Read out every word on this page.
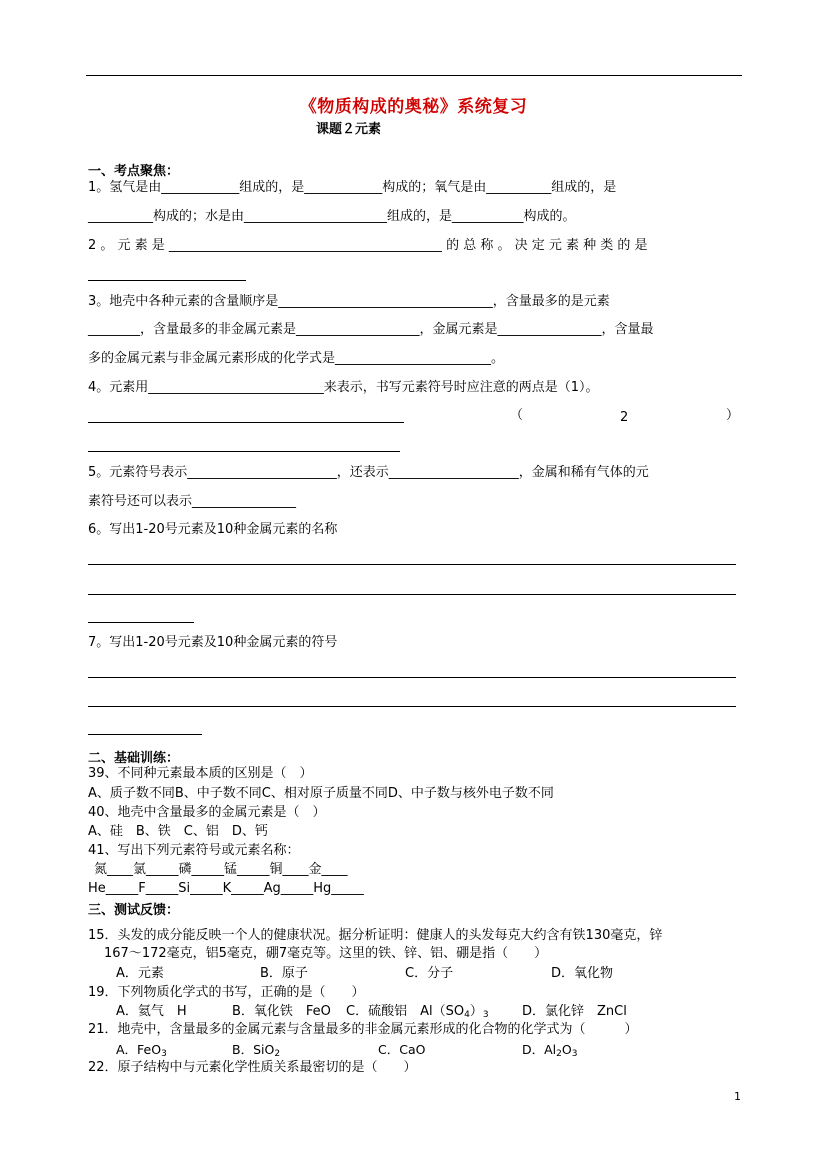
《物质构成的奥秘》系统复习
课题２元素
一、考点聚焦：
1。氢气是由____________组成的，是____________构成的；氧气是由__________组成的，是
__________构成的；水是由______________________组成的，是___________构成的。
2 。 元 素 是 __________________________________________ 的 总 称 。 决 定 元 素 种 类 的 是
3。地壳中各种元素的含量顺序是_________________________________，含量最多的是元素
________，含量最多的非金属元素是___________________，金属元素是________________，含量最
多的金属元素与非金属元素形成的化学式是________________________。
4。元素用___________________________来表示，书写元素符号时应注意的两点是（1）。
（	2	）
5。元素符号表示_______________________，还表示____________________，金属和稀有气体的元
素符号还可以表示________________
6。写出1-20号元素及10种金属元素的名称
7。写出1-20号元素及10种金属元素的符号
二、基础训练：
39、不同种元素最本质的区别是（　）
A、质子数不同B、中子数不同C、相对原子质量不同D、中子数与核外电子数不同
40、地壳中含量最多的金属元素是（　）
A、硅　B、铁　C、铝　D、钙
41、写出下列元素符号或元素名称：
氮____氯_____磷_____锰_____铜____金____
He_____F_____Si_____K_____Ag_____Hg_____
三、测试反馈：
15．头发的成分能反映一个人的健康状况。据分析证明：健康人的头发每克大约含有铁130毫克，锌
167～172毫克，铝5毫克，硼7毫克等。这里的铁、锌、铝、硼是指（　　）
A．元素	B．原子	C．分子	D．氧化物
19．下列物质化学式的书写，正确的是（　　）
A．氦气　H	B．氧化铁　FeO C．硫酸铝　$Al(SO_4)_3$	D．氯化锌　ZnCl
21．地壳中，含量最多的金属元素与含量最多的非金属元素形成的化合物的化学式为（　　　）
A．FeO$_3$	B．SiO$_2$	C．CaO	D．$Al_2O_3$
22．原子结构中与元素化学性质关系最密切的是（　　）
1
